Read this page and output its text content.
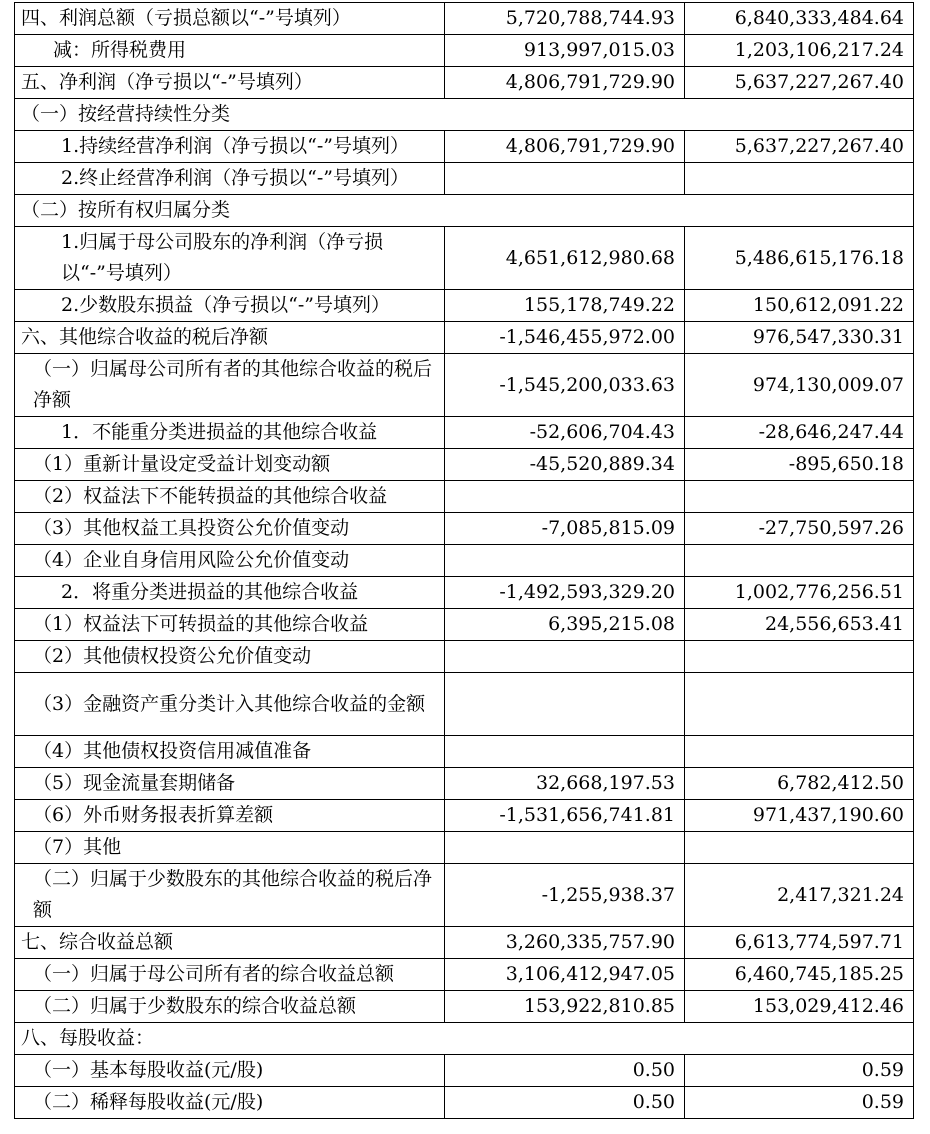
四、利润总额（亏损总额以“-”号填列）	5,720,788,744.93	6,840,333,484.64
减：所得税费用	913,997,015.03	1,203,106,217.24
五、净利润（净亏损以“-”号填列）	4,806,791,729.90	5,637,227,267.40
（一）按经营持续性分类		
1.持续经营净利润（净亏损以“-”号填列）	4,806,791,729.90	5,637,227,267.40
2.终止经营净利润（净亏损以“-”号填列）		
（二）按所有权归属分类		
1.归属于母公司股东的净利润（净亏损以“-”号填列）	4,651,612,980.68	5,486,615,176.18
2.少数股东损益（净亏损以“-”号填列）	155,178,749.22	150,612,091.22
六、其他综合收益的税后净额	-1,546,455,972.00	976,547,330.31
（一）归属母公司所有者的其他综合收益的税后净额	-1,545,200,033.63	974,130,009.07
1．不能重分类进损益的其他综合收益	-52,606,704.43	-28,646,247.44
（1）重新计量设定受益计划变动额	-45,520,889.34	-895,650.18
（2）权益法下不能转损益的其他综合收益		
（3）其他权益工具投资公允价值变动	-7,085,815.09	-27,750,597.26
（4）企业自身信用风险公允价值变动		
2．将重分类进损益的其他综合收益	-1,492,593,329.20	1,002,776,256.51
（1）权益法下可转损益的其他综合收益	6,395,215.08	24,556,653.41
（2）其他债权投资公允价值变动		
（3）金融资产重分类计入其他综合收益的金额		
（4）其他债权投资信用减值准备		
（5）现金流量套期储备	32,668,197.53	6,782,412.50
（6）外币财务报表折算差额	-1,531,656,741.81	971,437,190.60
（7）其他		
（二）归属于少数股东的其他综合收益的税后净额	-1,255,938.37	2,417,321.24
七、综合收益总额	3,260,335,757.90	6,613,774,597.71
（一）归属于母公司所有者的综合收益总额	3,106,412,947.05	6,460,745,185.25
（二）归属于少数股东的综合收益总额	153,922,810.85	153,029,412.46
八、每股收益：		
（一）基本每股收益(元/股)	0.50	0.59
（二）稀释每股收益(元/股)	0.50	0.59
